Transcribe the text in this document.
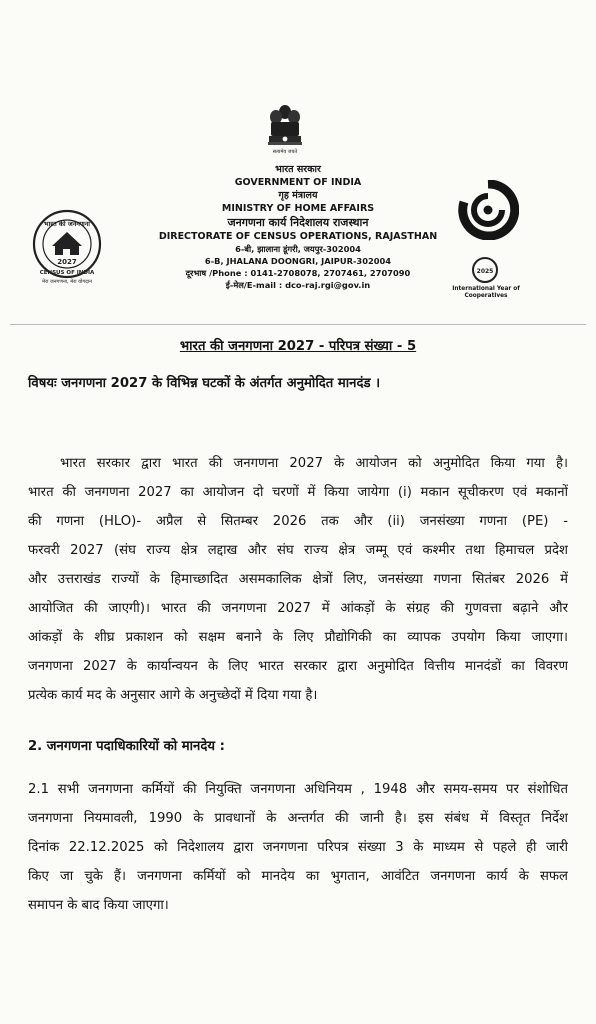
सत्यमेव जयते
भारत सरकार
GOVERNMENT OF INDIA
गृह मंत्रालय
MINISTRY OF HOME AFFAIRS
जनगणना कार्य निदेशालय राजस्थान
DIRECTORATE OF CENSUS OPERATIONS, RAJASTHAN
6-बी, झालाना डूंगरी, जयपुर-302004
6-B, JHALANA DOONGRI, JAIPUR-302004
दूरभाष /Phone : 0141-2708078, 2707461, 2707090
ई-मेल/E-mail : dco-raj.rgi@gov.in
भारत की जनगणना
2027
CENSUS OF INDIA
मेरा जनगणना, मेरा योगदान
2025
International Year of Cooperatives
भारत की जनगणना 2027 - परिपत्र संख्या - 5
विषयः जनगणना 2027 के विभिन्न घटकों के अंतर्गत अनुमोदित मानदंड ।
भारत सरकार द्वारा भारत की जनगणना 2027 के आयोजन को अनुमोदित किया गया है।
भारत की जनगणना 2027 का आयोजन दो चरणों में किया जायेगा (i) मकान सूचीकरण एवं मकानों
की गणना (HLO)- अप्रैल से सितम्बर 2026 तक और (ii) जनसंख्या गणना (PE) -
फरवरी 2027 (संघ राज्य क्षेत्र लद्दाख और संघ राज्य क्षेत्र जम्मू एवं कश्मीर तथा हिमाचल प्रदेश
और उत्तराखंड राज्यों के हिमाच्छादित असमकालिक क्षेत्रों लिए, जनसंख्या गणना सितंबर 2026 में
आयोजित की जाएगी)। भारत की जनगणना 2027 में आंकड़ों के संग्रह की गुणवत्ता बढ़ाने और
आंकड़ों के शीघ्र प्रकाशन को सक्षम बनाने के लिए प्रौद्योगिकी का व्यापक उपयोग किया जाएगा।
जनगणना 2027 के कार्यान्वयन के लिए भारत सरकार द्वारा अनुमोदित वित्तीय मानदंडों का विवरण
प्रत्येक कार्य मद के अनुसार आगे के अनुच्छेदों में दिया गया है।
2. जनगणना पदाधिकारियों को मानदेय :
2.1 सभी जनगणना कर्मियों की नियुक्ति जनगणना अधिनियम , 1948 और समय-समय पर संशोधित
जनगणना नियमावली, 1990 के प्रावधानों के अन्तर्गत की जानी है। इस संबंध में विस्तृत निर्देश
दिनांक 22.12.2025 को निदेशालय द्वारा जनगणना परिपत्र संख्या 3 के माध्यम से पहले ही जारी
किए जा चुके हैं। जनगणना कर्मियों को मानदेय का भुगतान, आवंटित जनगणना कार्य के सफल
समापन के बाद किया जाएगा।
